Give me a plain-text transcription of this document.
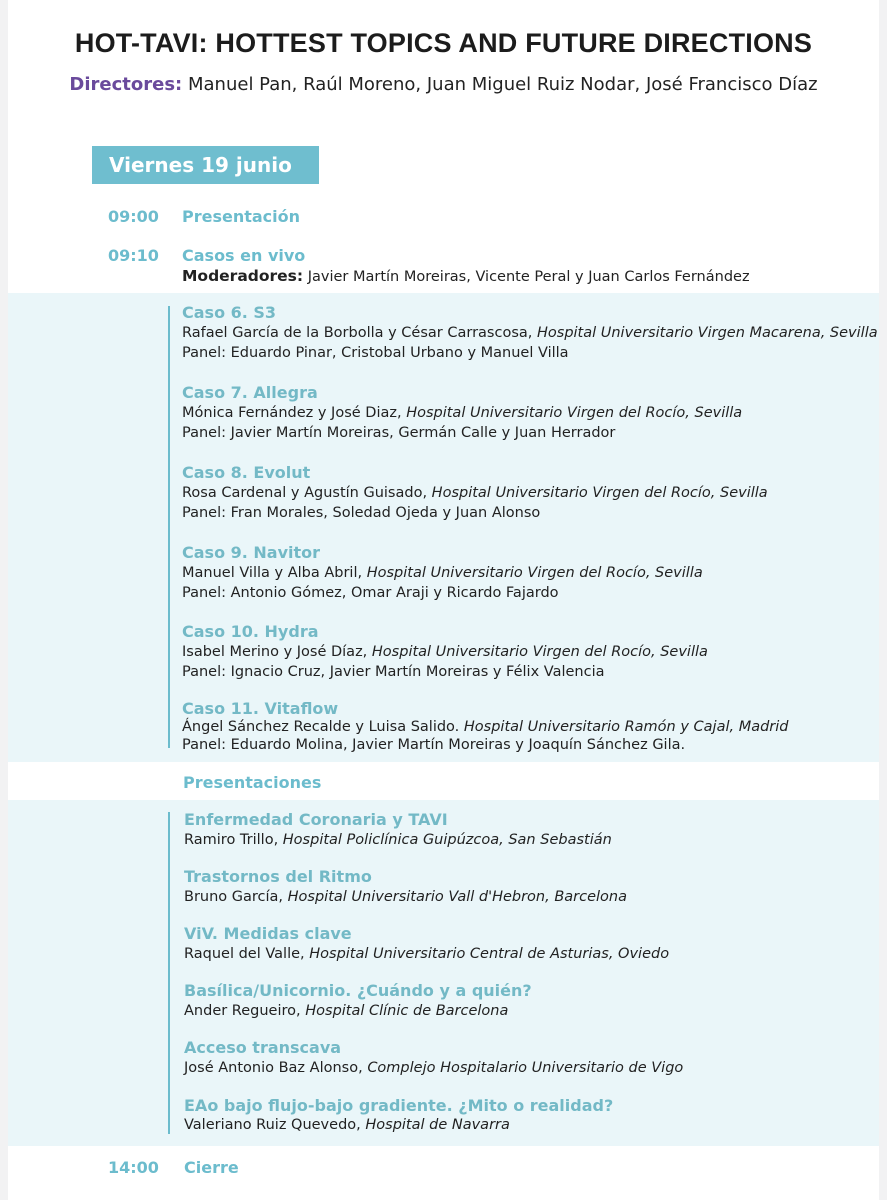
HOT-TAVI: HOTTEST TOPICS AND FUTURE DIRECTIONS
Directores: Manuel Pan, Raúl Moreno, Juan Miguel Ruiz Nodar, José Francisco Díaz
Viernes 19 junio
09:00 Presentación
09:10 Casos en vivo
Moderadores: Javier Martín Moreiras, Vicente Peral y Juan Carlos Fernández
Caso 6. S3
Rafael García de la Borbolla y César Carrascosa, Hospital Universitario Virgen Macarena, Sevilla
Panel: Eduardo Pinar, Cristobal Urbano y Manuel Villa
Caso 7. Allegra
Mónica Fernández y José Diaz, Hospital Universitario Virgen del Rocío, Sevilla
Panel: Javier Martín Moreiras, Germán Calle y Juan Herrador
Caso 8. Evolut
Rosa Cardenal y Agustín Guisado, Hospital Universitario Virgen del Rocío, Sevilla
Panel: Fran Morales, Soledad Ojeda y Juan Alonso
Caso 9. Navitor
Manuel Villa y Alba Abril, Hospital Universitario Virgen del Rocío, Sevilla
Panel: Antonio Gómez, Omar Araji y Ricardo Fajardo
Caso 10. Hydra
Isabel Merino y José Díaz, Hospital Universitario Virgen del Rocío, Sevilla
Panel: Ignacio Cruz, Javier Martín Moreiras y Félix Valencia
Caso 11. Vitaflow
Ángel Sánchez Recalde y Luisa Salido. Hospital Universitario Ramón y Cajal, Madrid
Panel: Eduardo Molina, Javier Martín Moreiras y Joaquín Sánchez Gila.
Presentaciones
Enfermedad Coronaria y TAVI
Ramiro Trillo, Hospital Policlínica Guipúzcoa, San Sebastián
Trastornos del Ritmo
Bruno García, Hospital Universitario Vall d'Hebron, Barcelona
ViV. Medidas clave
Raquel del Valle, Hospital Universitario Central de Asturias, Oviedo
Basílica/Unicornio. ¿Cuándo y a quién?
Ander Regueiro, Hospital Clínic de Barcelona
Acceso transcava
José Antonio Baz Alonso, Complejo Hospitalario Universitario de Vigo
EAo bajo flujo-bajo gradiente. ¿Mito o realidad?
Valeriano Ruiz Quevedo, Hospital de Navarra
14:00 Cierre
